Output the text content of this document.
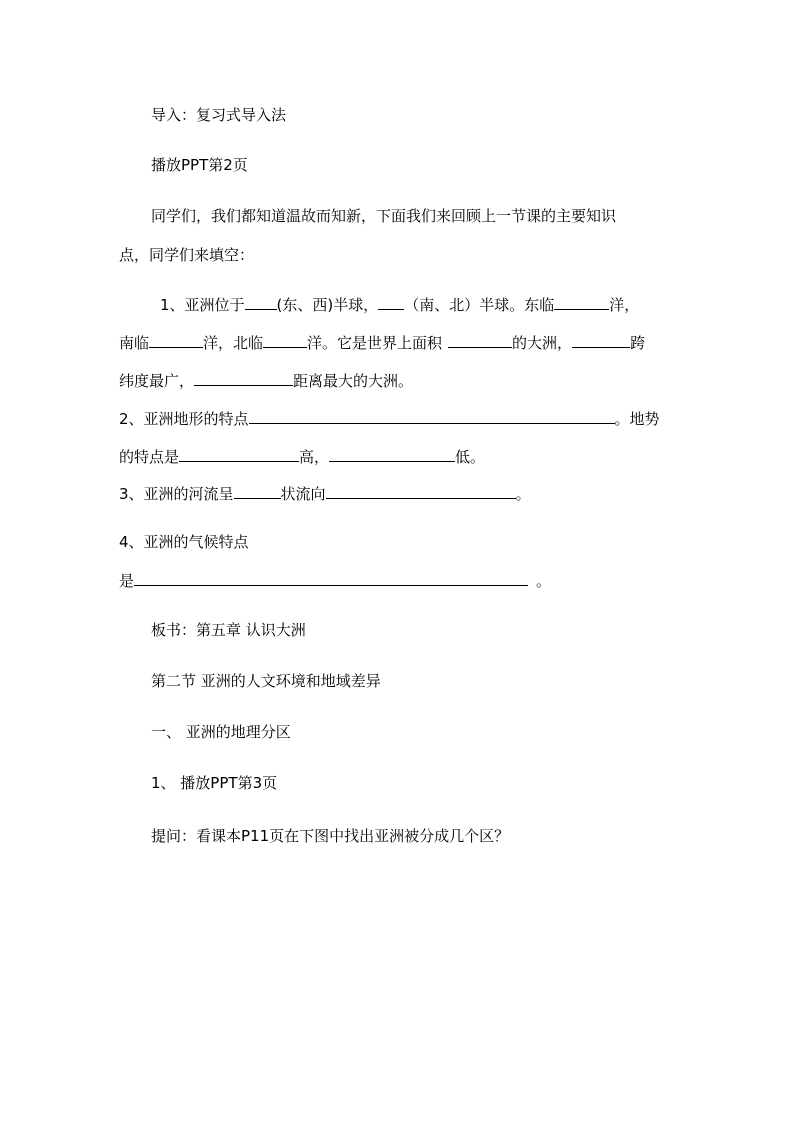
导入：复习式导入法
播放PPT第2页
同学们，我们都知道温故而知新，下面我们来回顾上一节课的主要知识
点，同学们来填空：
1、亚洲位于 (东、西)半球， （南、北）半球。东临	洋，
南临	洋，北临	洋。它是世界上面积	的大洲，	跨
纬度最广，	距离最大的大洲。
2、亚洲地形的特点	。地势
的特点是	高，	低。
3、亚洲的河流呈	状流向	。
4、亚洲的气候特点
是	。
板书：第五章 认识大洲
第二节 亚洲的人文环境和地域差异
一、 亚洲的地理分区
1、 播放PPT第3页
提问：看课本P11页在下图中找出亚洲被分成几个区？
